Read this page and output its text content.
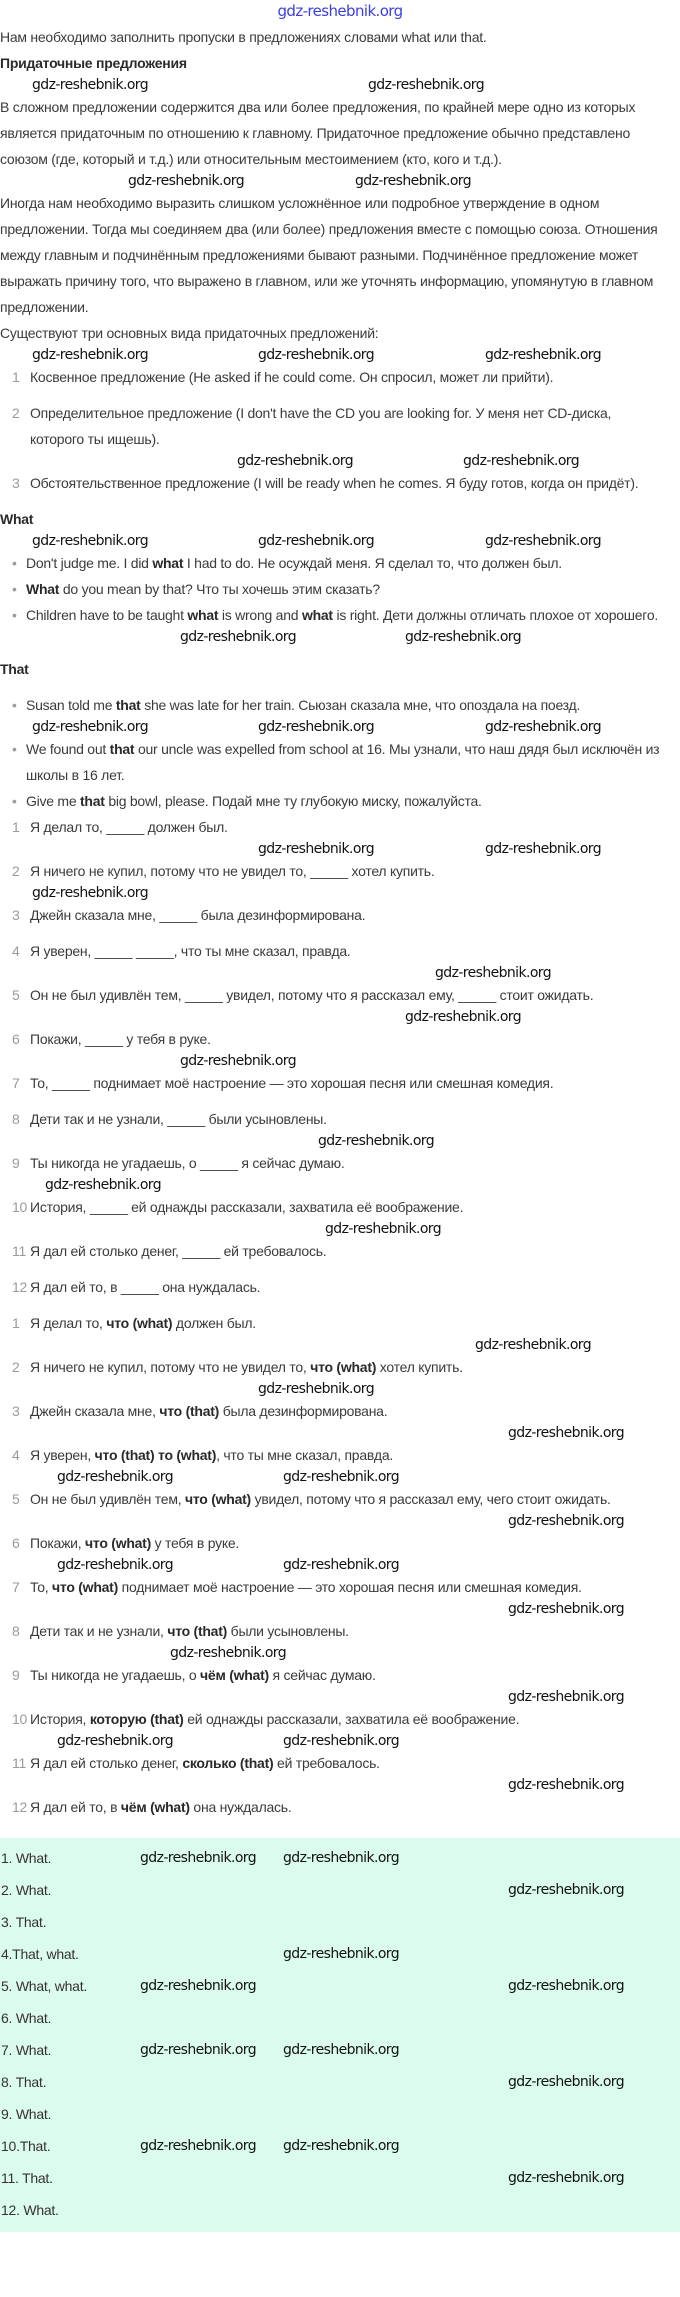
gdz-reshebnik.org
Нам необходимо заполнить пропуски в предложениях словами what или that.
Придаточные предложения
gdz-reshebnik.org	gdz-reshebnik.org
В сложном предложении содержится два или более предложения, по крайней мере одно из которых является придаточным по отношению к главному. Придаточное предложение обычно представлено союзом (где, который и т.д.) или относительным местоимением (кто, кого и т.д.).
gdz-reshebnik.org	gdz-reshebnik.org
Иногда нам необходимо выразить слишком усложнённое или подробное утверждение в одном предложении. Тогда мы соединяем два (или более) предложения вместе с помощью союза. Отношения между главным и подчинённым предложениями бывают разными. Подчинённое предложение может выражать причину того, что выражено в главном, или же уточнять информацию, упомянутую в главном предложении.
Существуют три основных вида придаточных предложений:
gdz-reshebnik.org	gdz-reshebnik.org	gdz-reshebnik.org
1 Косвенное предложение (He asked if he could come. Он спросил, может ли прийти).
2 Определительное предложение (I don't have the CD you are looking for. У меня нет CD-диска, которого ты ищешь).
gdz-reshebnik.org	gdz-reshebnik.org
3 Обстоятельственное предложение (I will be ready when he comes. Я буду готов, когда он придёт).
What
gdz-reshebnik.org	gdz-reshebnik.org	gdz-reshebnik.org
• Don't judge me. I did what I had to do. Не осуждай меня. Я сделал то, что должен был.
• What do you mean by that? Что ты хочешь этим сказать?
• Children have to be taught what is wrong and what is right. Дети должны отличать плохое от хорошего.
gdz-reshebnik.org	gdz-reshebnik.org
That
• Susan told me that she was late for her train. Сьюзан сказала мне, что опоздала на поезд.
gdz-reshebnik.org	gdz-reshebnik.org	gdz-reshebnik.org
• We found out that our uncle was expelled from school at 16. Мы узнали, что наш дядя был исключён из школы в 16 лет.
• Give me that big bowl, please. Подай мне ту глубокую миску, пожалуйста.
1 Я делал то, _____ должен был.
gdz-reshebnik.org	gdz-reshebnik.org
2 Я ничего не купил, потому что не увидел то, _____ хотел купить.
gdz-reshebnik.org
3 Джейн сказала мне, _____ была дезинформирована.
4 Я уверен, _____ _____, что ты мне сказал, правда.
gdz-reshebnik.org
5 Он не был удивлён тем, _____ увидел, потому что я рассказал ему, _____ стоит ожидать.
gdz-reshebnik.org
6 Покажи, _____ у тебя в руке.
gdz-reshebnik.org
7 То, _____ поднимает моё настроение — это хорошая песня или смешная комедия.
8 Дети так и не узнали, _____ были усыновлены.
gdz-reshebnik.org
9 Ты никогда не угадаешь, о _____ я сейчас думаю.
gdz-reshebnik.org
10 История, _____ ей однажды рассказали, захватила её воображение.
gdz-reshebnik.org
11 Я дал ей столько денег, _____ ей требовалось.
12 Я дал ей то, в _____ она нуждалась.
1 Я делал то, что (what) должен был.
gdz-reshebnik.org
2 Я ничего не купил, потому что не увидел то, что (what) хотел купить.
gdz-reshebnik.org
3 Джейн сказала мне, что (that) была дезинформирована.
gdz-reshebnik.org
4 Я уверен, что (that) то (what), что ты мне сказал, правда.
gdz-reshebnik.org	gdz-reshebnik.org
5 Он не был удивлён тем, что (what) увидел, потому что я рассказал ему, чего стоит ожидать.
gdz-reshebnik.org
6 Покажи, что (what) у тебя в руке.
gdz-reshebnik.org	gdz-reshebnik.org
7 То, что (what) поднимает моё настроение — это хорошая песня или смешная комедия.
gdz-reshebnik.org
8 Дети так и не узнали, что (that) были усыновлены.
gdz-reshebnik.org
9 Ты никогда не угадаешь, о чём (what) я сейчас думаю.
gdz-reshebnik.org
10 История, которую (that) ей однажды рассказали, захватила её воображение.
gdz-reshebnik.org	gdz-reshebnik.org
11 Я дал ей столько денег, сколько (that) ей требовалось.
gdz-reshebnik.org
12 Я дал ей то, в чём (what) она нуждалась.
1. What.	gdz-reshebnik.org gdz-reshebnik.org
2. What.	gdz-reshebnik.org
3. That.
4.That, what.	gdz-reshebnik.org
5. What, what.	gdz-reshebnik.org	gdz-reshebnik.org
6. What.
7. What.	gdz-reshebnik.org gdz-reshebnik.org
8. That.	gdz-reshebnik.org
9. What.
10.That.	gdz-reshebnik.org gdz-reshebnik.org
11. That.	gdz-reshebnik.org
12. What.
